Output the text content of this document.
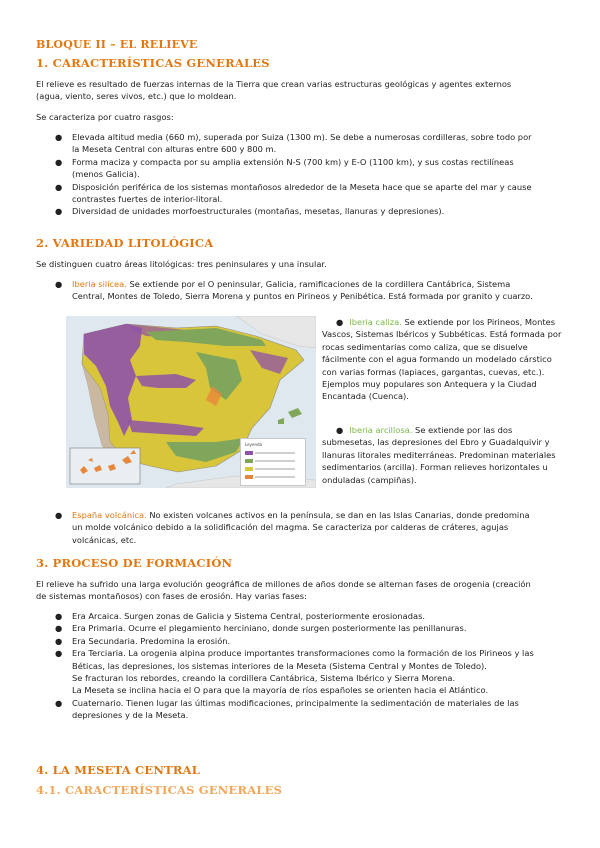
BLOQUE II – EL RELIEVE
1. CARACTERÍSTICAS GENERALES
El relieve es resultado de fuerzas internas de la Tierra que crean varias estructuras geológicas y agentes externos (agua, viento, seres vivos, etc.) que lo moldean.
Se caracteriza por cuatro rasgos:
● Elevada altitud media (660 m), superada por Suiza (1300 m). Se debe a numerosas cordilleras, sobre todo por la Meseta Central con alturas entre 600 y 800 m.
● Forma maciza y compacta por su amplia extensión N-S (700 km) y E-O (1100 km), y sus costas rectilíneas (menos Galicia).
● Disposición periférica de los sistemas montañosos alrededor de la Meseta hace que se aparte del mar y cause contrastes fuertes de interior-litoral.
● Diversidad de unidades morfoestructurales (montañas, mesetas, llanuras y depresiones).
2. VARIEDAD LITOLÓGICA
Se distinguen cuatro áreas litológicas: tres peninsulares y una insular.
● Iberia silícea. Se extiende por el O peninsular, Galicia, ramificaciones de la cordillera Cantábrica, Sistema Central, Montes de Toledo, Sierra Morena y puntos en Pirineos y Penibética. Está formada por granito y cuarzo.
Leyenda
● Iberia caliza. Se extiende por los Pirineos, Montes Vascos, Sistemas Ibéricos y Subbéticas. Está formada por rocas sedimentarias como caliza, que se disuelve fácilmente con el agua formando un modelado cárstico con varias formas (lapiaces, gargantas, cuevas, etc.). Ejemplos muy populares son Antequera y la Ciudad Encantada (Cuenca).
● Iberia arcillosa. Se extiende por las dos submesetas, las depresiones del Ebro y Guadalquivir y llanuras litorales mediterráneas. Predominan materiales sedimentarios (arcilla). Forman relieves horizontales u onduladas (campiñas).
● España volcánica. No existen volcanes activos en la península, se dan en las Islas Canarias, donde predomina un molde volcánico debido a la solidificación del magma. Se caracteriza por calderas de cráteres, agujas volcánicas, etc.
3. PROCESO DE FORMACIÓN
El relieve ha sufrido una larga evolución geográfica de millones de años donde se alternan fases de orogenia (creación de sistemas montañosos) con fases de erosión. Hay varias fases:
● Era Arcaica. Surgen zonas de Galicia y Sistema Central, posteriormente erosionadas.
● Era Primaria. Ocurre el plegamiento herciniano, donde surgen posteriormente las penillanuras.
● Era Secundaria. Predomina la erosión.
● Era Terciaria. La orogenia alpina produce importantes transformaciones como la formación de los Pirineos y las Béticas, las depresiones, los sistemas interiores de la Meseta (Sistema Central y Montes de Toledo).
Se fracturan los rebordes, creando la cordillera Cantábrica, Sistema Ibérico y Sierra Morena.
La Meseta se inclina hacia el O para que la mayoría de ríos españoles se orienten hacia el Atlántico.
● Cuaternario. Tienen lugar las últimas modificaciones, principalmente la sedimentación de materiales de las depresiones y de la Meseta.
4. LA MESETA CENTRAL
4.1. CARACTERÍSTICAS GENERALES
